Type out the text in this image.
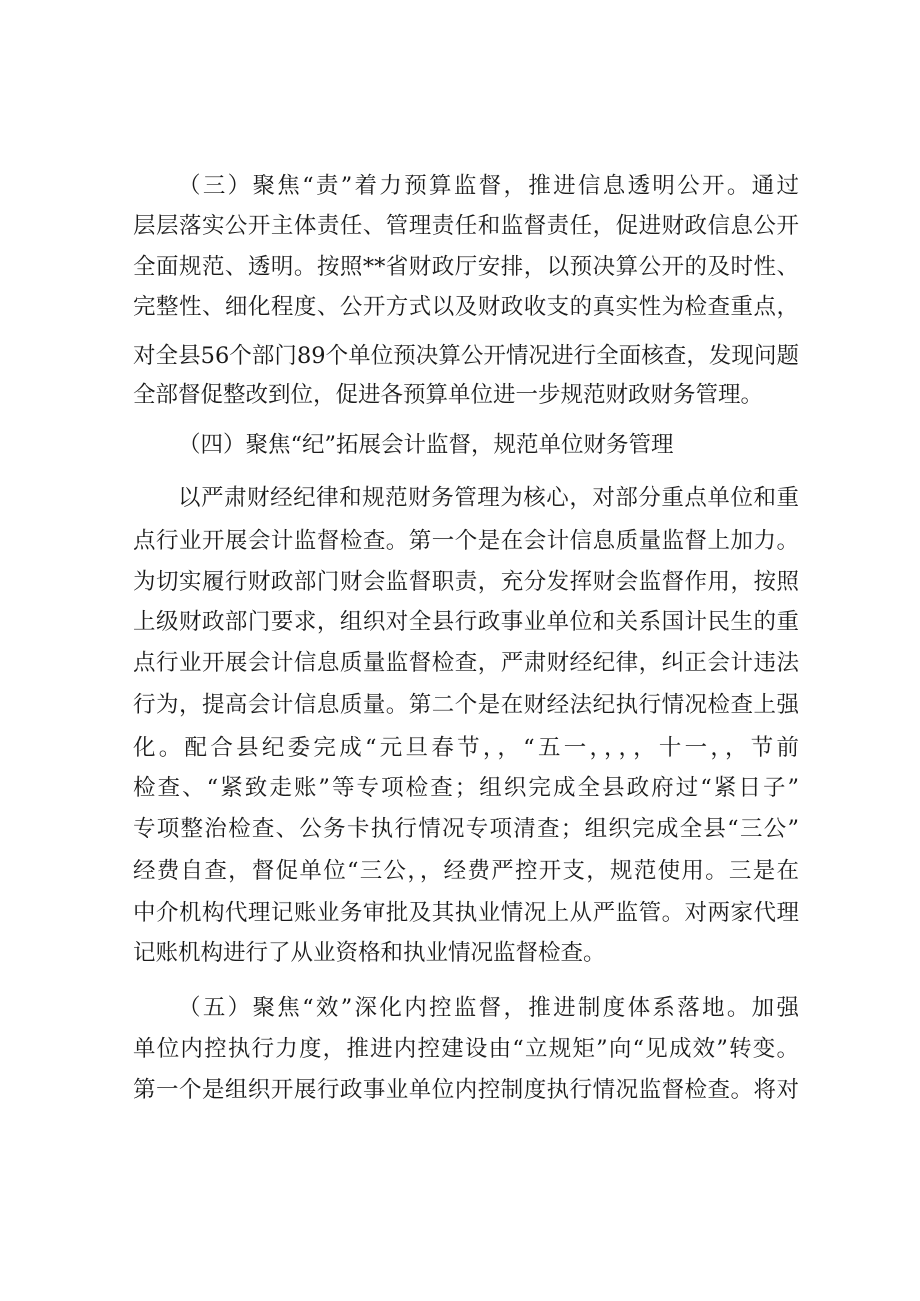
（三）聚焦“责”着力预算监督，推进信息透明公开。通过
层层落实公开主体责任、管理责任和监督责任，促进财政信息公开
全面规范、透明。按照**省财政厅安排，以预决算公开的及时性、
完整性、细化程度、公开方式以及财政收支的真实性为检查重点，
对全县56个部门89个单位预决算公开情况进行全面核查，发现问题
全部督促整改到位，促进各预算单位进一步规范财政财务管理。
（四）聚焦“纪”拓展会计监督，规范单位财务管理
以严肃财经纪律和规范财务管理为核心，对部分重点单位和重
点行业开展会计监督检查。第一个是在会计信息质量监督上加力。
为切实履行财政部门财会监督职责，充分发挥财会监督作用，按照
上级财政部门要求，组织对全县行政事业单位和关系国计民生的重
点行业开展会计信息质量监督检查，严肃财经纪律，纠正会计违法
行为，提高会计信息质量。第二个是在财经法纪执行情况检查上强
化。配合县纪委完成“元旦春节，，“五一，，，，十一，，节前
检查、“紧致走账”等专项检查；组织完成全县政府过“紧日子”
专项整治检查、公务卡执行情况专项清查；组织完成全县“三公”
经费自查，督促单位“三公，，经费严控开支，规范使用。三是在
中介机构代理记账业务审批及其执业情况上从严监管。对两家代理
记账机构进行了从业资格和执业情况监督检查。
（五）聚焦“效”深化内控监督，推进制度体系落地。加强
单位内控执行力度，推进内控建设由“立规矩”向“见成效”转变。
第一个是组织开展行政事业单位内控制度执行情况监督检查。将对
